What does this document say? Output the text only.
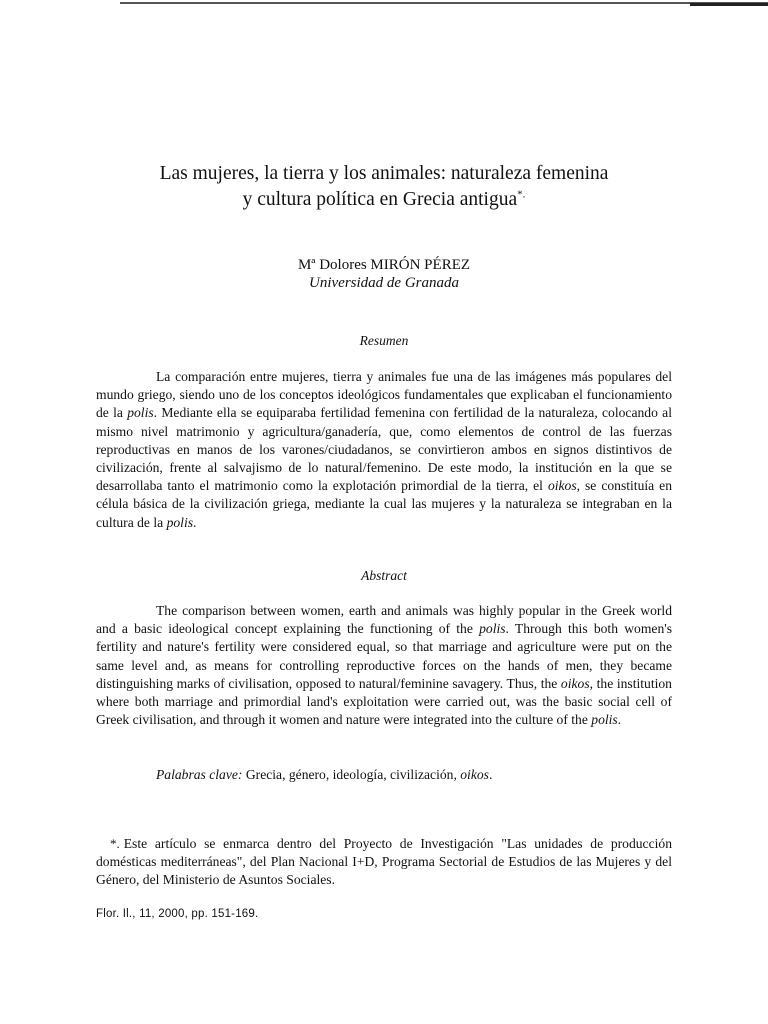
Las mujeres, la tierra y los animales: naturaleza femenina
y cultura política en Grecia antigua*.
Mª Dolores MIRÓN PÉREZ
Universidad de Granada
Resumen

La comparación entre mujeres, tierra y animales fue una de las imágenes más populares del mundo griego, siendo uno de los conceptos ideológicos fundamentales que explicaban el funcionamiento de la polis. Mediante ella se equiparaba fertilidad femenina con fertilidad de la naturaleza, colocando al mismo nivel matrimonio y agricultura/ganadería, que, como elementos de control de las fuerzas reproductivas en manos de los varones/ciudadanos, se convirtieron ambos en signos distintivos de civilización, frente al salvajismo de lo natural/femenino. De este modo, la institución en la que se desarrollaba tanto el matrimonio como la explotación primordial de la tierra, el oikos, se constituía en célula básica de la civilización griega, mediante la cual las mujeres y la naturaleza se integraban en la cultura de la polis.

Abstract

The comparison between women, earth and animals was highly popular in the Greek world and a basic ideological concept explaining the functioning of the polis. Through this both women's fertility and nature's fertility were considered equal, so that marriage and agriculture were put on the same level and, as means for controlling reproductive forces on the hands of men, they became distinguishing marks of civilisation, opposed to natural/feminine savagery. Thus, the oikos, the institution where both marriage and primordial land's exploitation were carried out, was the basic social cell of Greek civilisation, and through it women and nature were integrated into the culture of the polis.

Palabras clave: Grecia, género, ideología, civilización, oikos.

*. Este artículo se enmarca dentro del Proyecto de Investigación "Las unidades de producción domésticas mediterráneas", del Plan Nacional I+D, Programa Sectorial de Estudios de las Mujeres y del Género, del Ministerio de Asuntos Sociales.

Flor. Il., 11, 2000, pp. 151-169.
